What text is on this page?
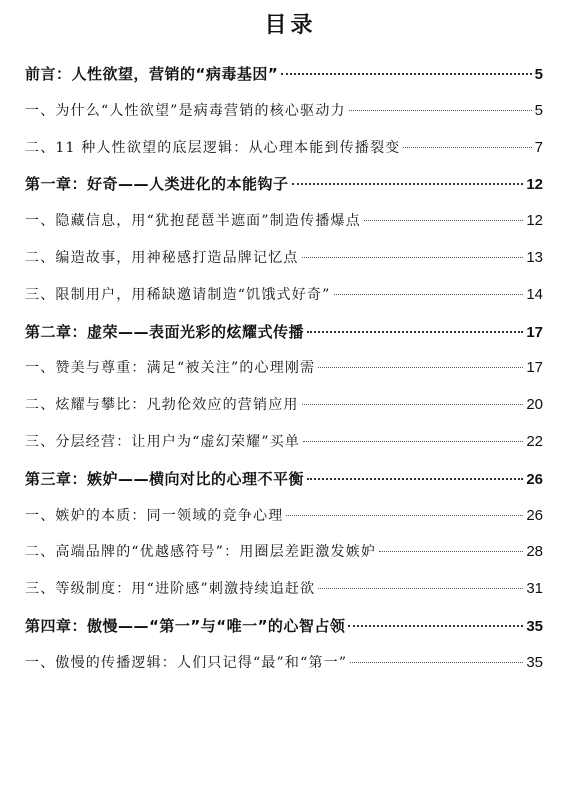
目录
前言：人性欲望，营销的“病毒基因”	5
一、为什么“人性欲望”是病毒营销的核心驱动力	5
二、11 种人性欲望的底层逻辑：从心理本能到传播裂变	7
第一章：好奇——人类进化的本能钩子	12
一、隐藏信息，用“犹抱琵琶半遮面”制造传播爆点	12
二、编造故事，用神秘感打造品牌记忆点	13
三、限制用户，用稀缺邀请制造“饥饿式好奇”	14
第二章：虚荣——表面光彩的炫耀式传播	17
一、赞美与尊重：满足“被关注”的心理刚需	17
二、炫耀与攀比：凡勃伦效应的营销应用	20
三、分层经营：让用户为“虚幻荣耀”买单	22
第三章：嫉妒——横向对比的心理不平衡	26
一、嫉妒的本质：同一领域的竞争心理	26
二、高端品牌的“优越感符号”：用圈层差距激发嫉妒	28
三、等级制度：用“进阶感”刺激持续追赶欲	31
第四章：傲慢——“第一”与“唯一”的心智占领	35
一、傲慢的传播逻辑：人们只记得“最”和“第一”	35
